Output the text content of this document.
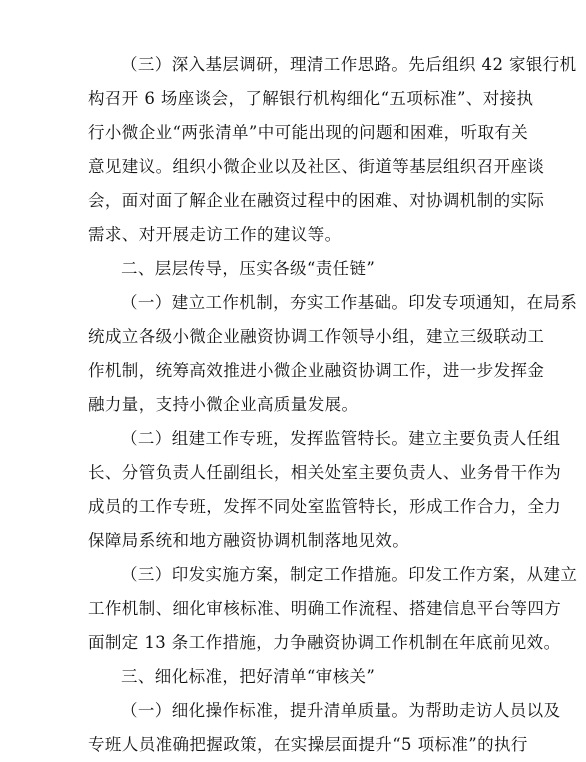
（三）深入基层调研，理清工作思路。先后组织 42 家银行机
构召开 6 场座谈会，了解银行机构细化“五项标准”、对接执
行小微企业“两张清单”中可能出现的问题和困难，听取有关
意见建议。组织小微企业以及社区、街道等基层组织召开座谈
会，面对面了解企业在融资过程中的困难、对协调机制的实际
需求、对开展走访工作的建议等。
二、层层传导，压实各级“责任链”
（一）建立工作机制，夯实工作基础。印发专项通知，在局系
统成立各级小微企业融资协调工作领导小组，建立三级联动工
作机制，统筹高效推进小微企业融资协调工作，进一步发挥金
融力量，支持小微企业高质量发展。
（二）组建工作专班，发挥监管特长。建立主要负责人任组
长、分管负责人任副组长，相关处室主要负责人、业务骨干作为
成员的工作专班，发挥不同处室监管特长，形成工作合力，全力
保障局系统和地方融资协调机制落地见效。
（三）印发实施方案，制定工作措施。印发工作方案，从建立
工作机制、细化审核标准、明确工作流程、搭建信息平台等四方
面制定 13 条工作措施，力争融资协调工作机制在年底前见效。
三、细化标准，把好清单“审核关”
（一）细化操作标准，提升清单质量。为帮助走访人员以及
专班人员准确把握政策，在实操层面提升“5 项标准”的执行
